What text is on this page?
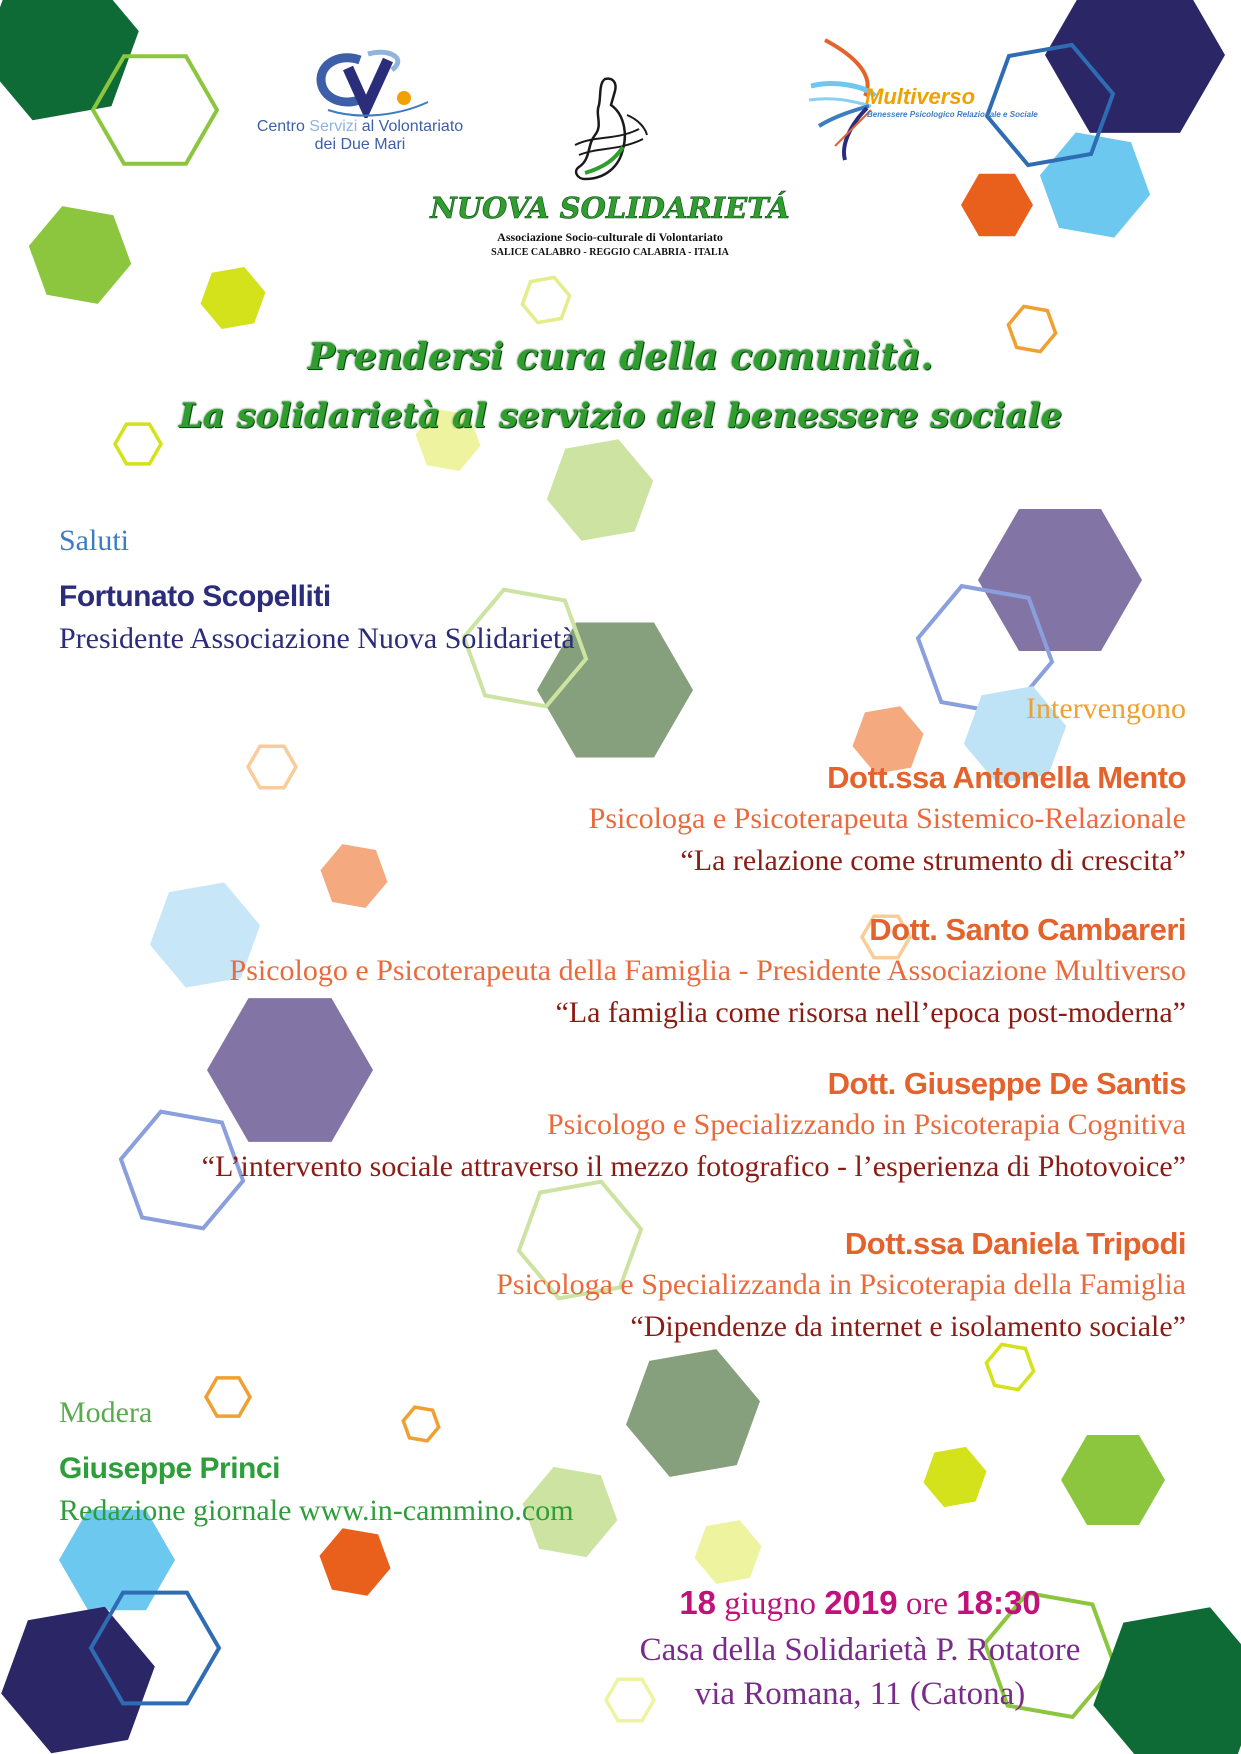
Centro Servizi al Volontariato
dei Due Mari
NUOVA SOLIDARIETÁ
Associazione Socio-culturale di Volontariato
SALICE CALABRO - REGGIO CALABRIA - ITALIA
Multiverso
Benessere Psicologico Relazionale e Sociale
Prendersi cura della comunità.
La solidarietà al servizio del benessere sociale
Saluti
Fortunato Scopelliti
Presidente Associazione Nuova Solidarietà
Intervengono
Dott.ssa Antonella Mento
Psicologa e Psicoterapeuta Sistemico-Relazionale
“La relazione come strumento di crescita”
Dott. Santo Cambareri
Psicologo e Psicoterapeuta della Famiglia - Presidente Associazione Multiverso
“La famiglia come risorsa nell’epoca post-moderna”
Dott. Giuseppe De Santis
Psicologo e Specializzando in Psicoterapia Cognitiva
“L’intervento sociale attraverso il mezzo fotografico - l’esperienza di Photovoice”
Dott.ssa Daniela Tripodi
Psicologa e Specializzanda in Psicoterapia della Famiglia
“Dipendenze da internet e isolamento sociale”
Modera
Giuseppe Princi
Redazione giornale www.in-cammino.com
18 giugno 2019 ore 18:30
Casa della Solidarietà P. Rotatore
via Romana, 11 (Catona)
